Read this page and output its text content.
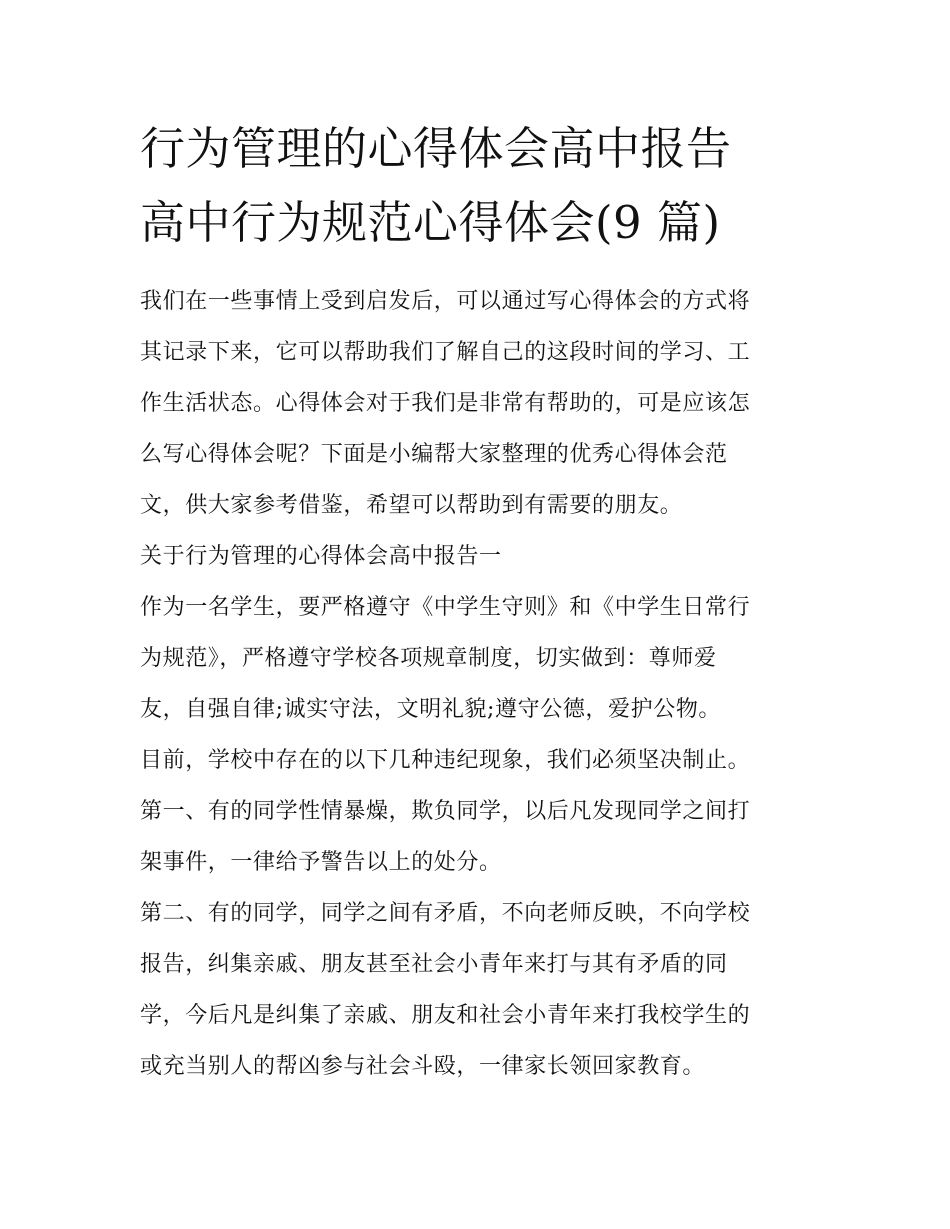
行为管理的心得体会高中报告
高中行为规范心得体会(9 篇)

我们在一些事情上受到启发后，可以通过写心得体会的方式将
其记录下来，它可以帮助我们了解自己的这段时间的学习、工
作生活状态。心得体会对于我们是非常有帮助的，可是应该怎
么写心得体会呢？下面是小编帮大家整理的优秀心得体会范
文，供大家参考借鉴，希望可以帮助到有需要的朋友。

关于行为管理的心得体会高中报告一

作为一名学生，要严格遵守《中学生守则》和《中学生日常行
为规范》，严格遵守学校各项规章制度，切实做到：尊师爱
友，自强自律;诚实守法，文明礼貌;遵守公德，爱护公物。

目前，学校中存在的以下几种违纪现象，我们必须坚决制止。

第一、有的同学性情暴燥，欺负同学，以后凡发现同学之间打
架事件，一律给予警告以上的处分。

第二、有的同学，同学之间有矛盾，不向老师反映，不向学校
报告，纠集亲戚、朋友甚至社会小青年来打与其有矛盾的同
学，今后凡是纠集了亲戚、朋友和社会小青年来打我校学生的
或充当别人的帮凶参与社会斗殴，一律家长领回家教育。
